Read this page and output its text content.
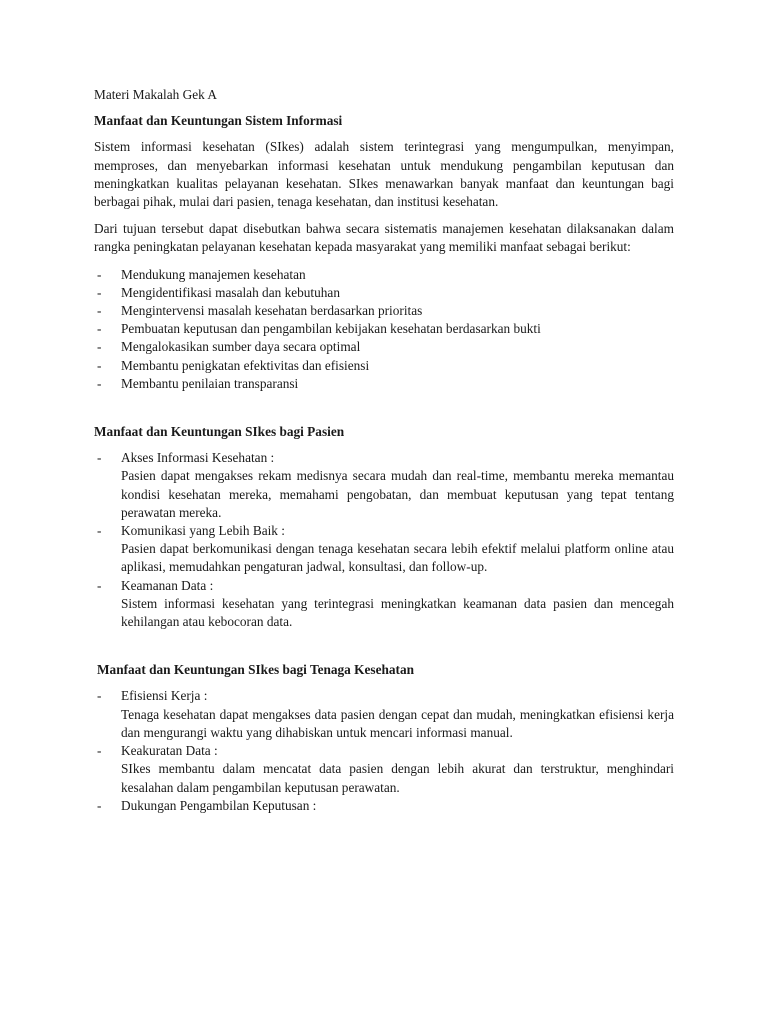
Materi Makalah Gek A
Manfaat dan Keuntungan Sistem Informasi
Sistem informasi kesehatan (SIkes) adalah sistem terintegrasi yang mengumpulkan, menyimpan, memproses, dan menyebarkan informasi kesehatan untuk mendukung pengambilan keputusan dan meningkatkan kualitas pelayanan kesehatan. SIkes menawarkan banyak manfaat dan keuntungan bagi berbagai pihak, mulai dari pasien, tenaga kesehatan, dan institusi kesehatan.
Dari tujuan tersebut dapat disebutkan bahwa secara sistematis manajemen kesehatan dilaksanakan dalam rangka peningkatan pelayanan kesehatan kepada masyarakat yang memiliki manfaat sebagai berikut:
- Mendukung manajemen kesehatan
- Mengidentifikasi masalah dan kebutuhan
- Mengintervensi masalah kesehatan berdasarkan prioritas
- Pembuatan keputusan dan pengambilan kebijakan kesehatan berdasarkan bukti
- Mengalokasikan sumber daya secara optimal
- Membantu penigkatan efektivitas dan efisiensi
- Membantu penilaian transparansi
Manfaat dan Keuntungan SIkes bagi Pasien
- Akses Informasi Kesehatan :
Pasien dapat mengakses rekam medisnya secara mudah dan real-time, membantu mereka memantau kondisi kesehatan mereka, memahami pengobatan, dan membuat keputusan yang tepat tentang perawatan mereka.
- Komunikasi yang Lebih Baik :
Pasien dapat berkomunikasi dengan tenaga kesehatan secara lebih efektif melalui platform online atau aplikasi, memudahkan pengaturan jadwal, konsultasi, dan follow-up.
- Keamanan Data :
Sistem informasi kesehatan yang terintegrasi meningkatkan keamanan data pasien dan mencegah kehilangan atau kebocoran data.
Manfaat dan Keuntungan SIkes bagi Tenaga Kesehatan
- Efisiensi Kerja :
Tenaga kesehatan dapat mengakses data pasien dengan cepat dan mudah, meningkatkan efisiensi kerja dan mengurangi waktu yang dihabiskan untuk mencari informasi manual.
- Keakuratan Data :
SIkes membantu dalam mencatat data pasien dengan lebih akurat dan terstruktur, menghindari kesalahan dalam pengambilan keputusan perawatan.
- Dukungan Pengambilan Keputusan :
